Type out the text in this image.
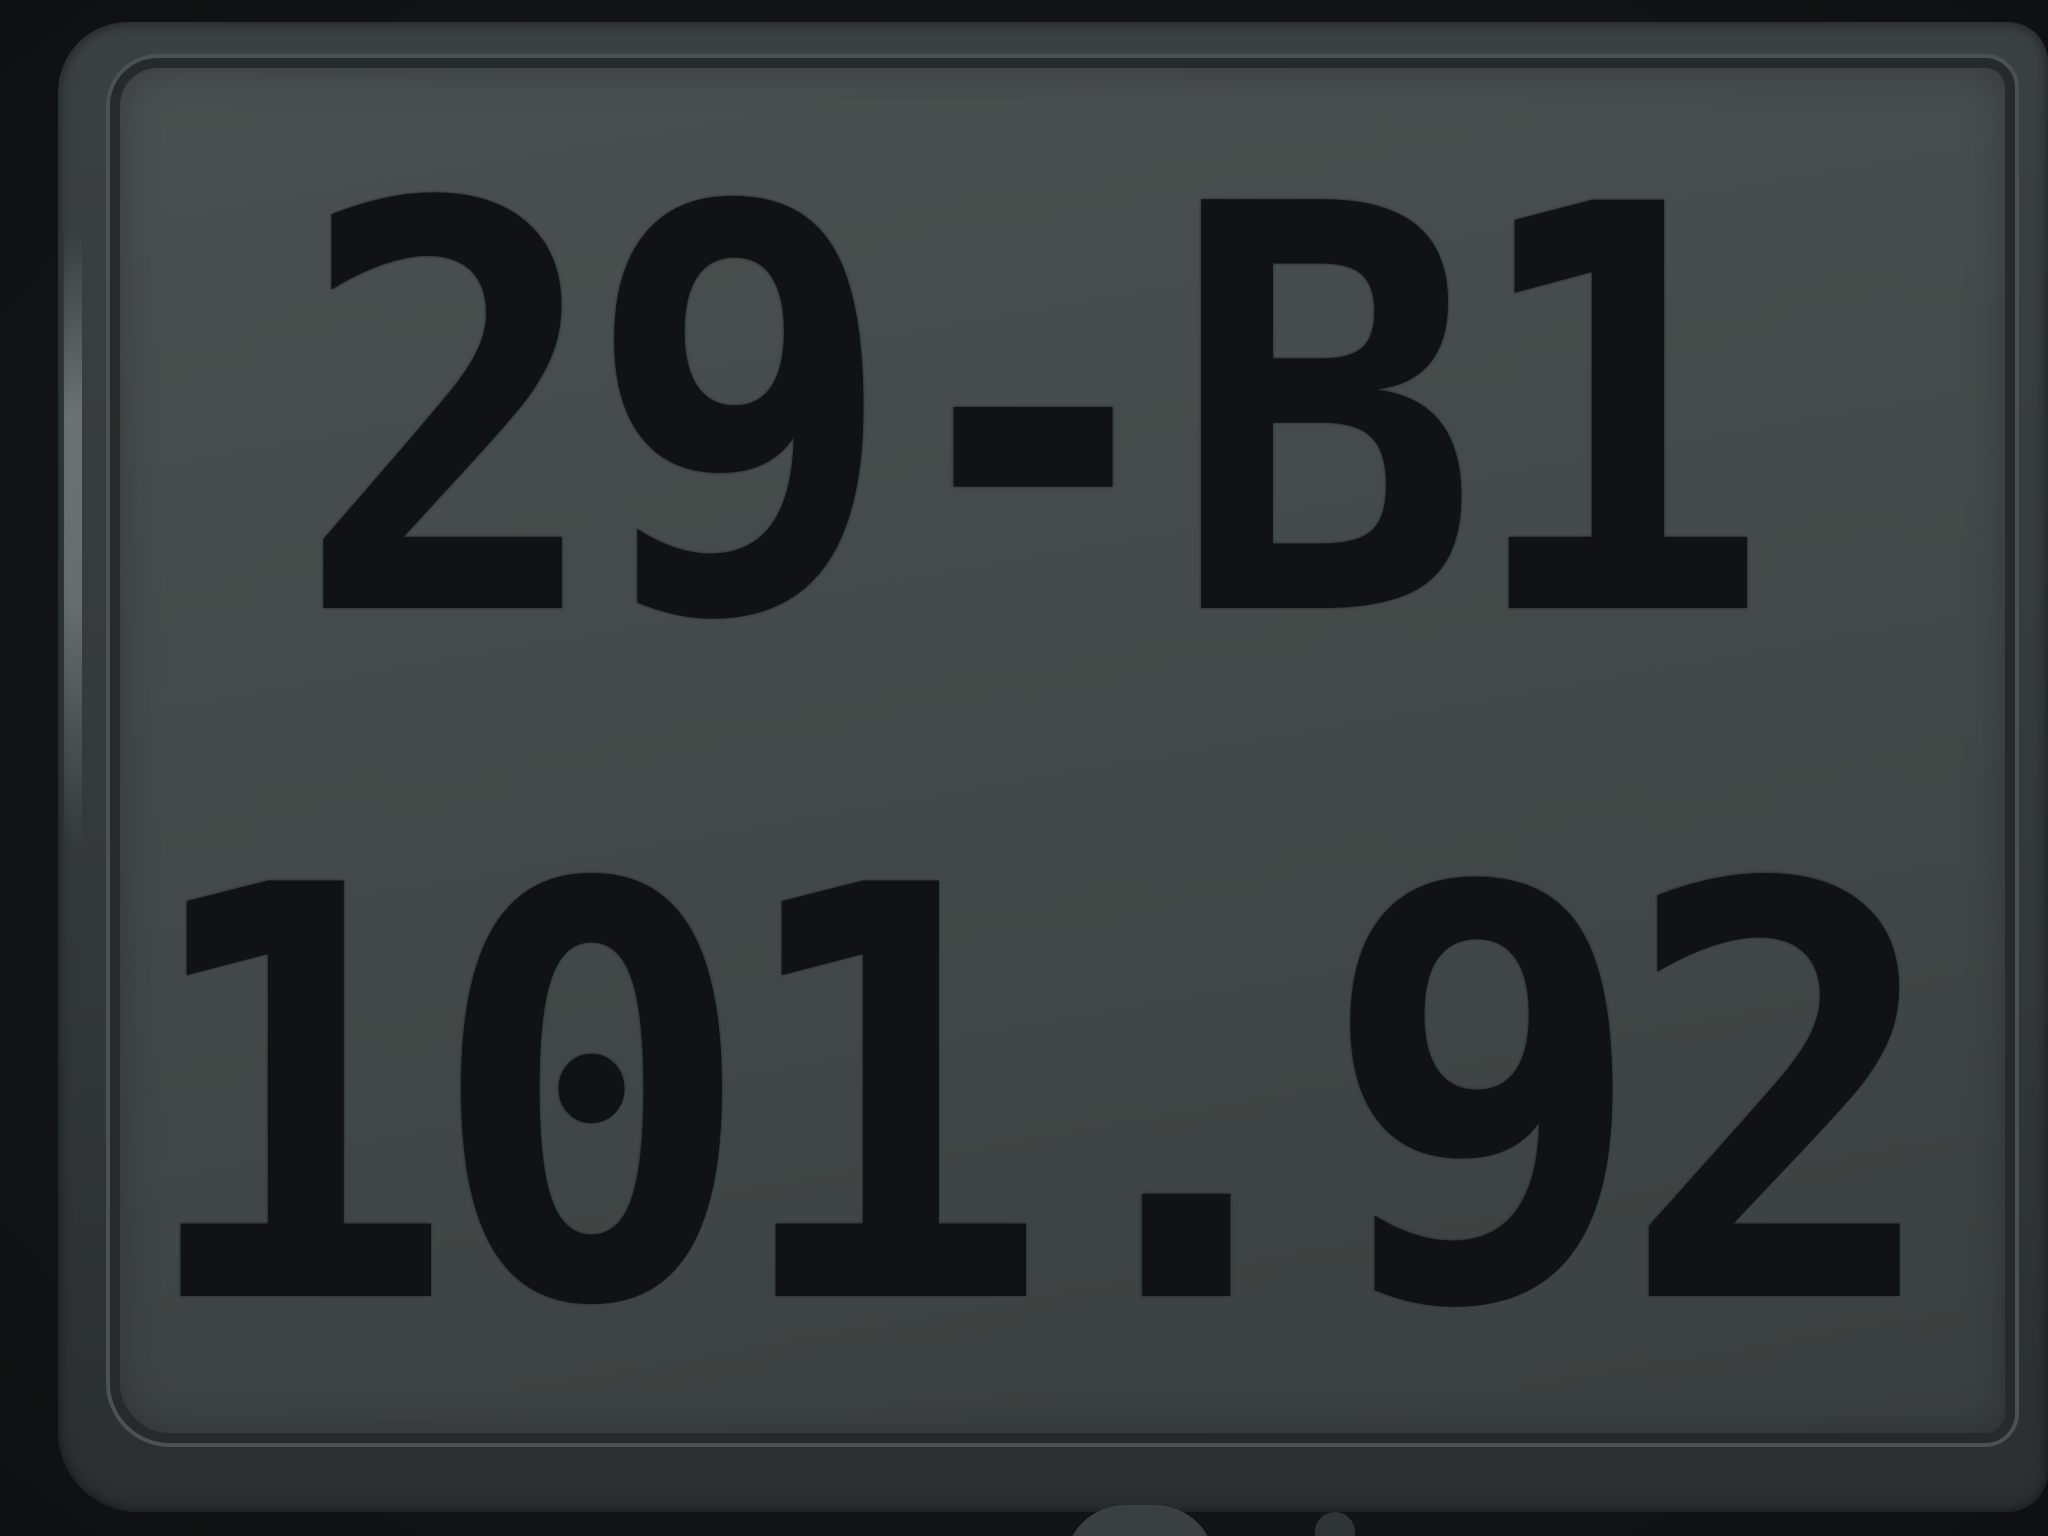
29-B1
101.92
